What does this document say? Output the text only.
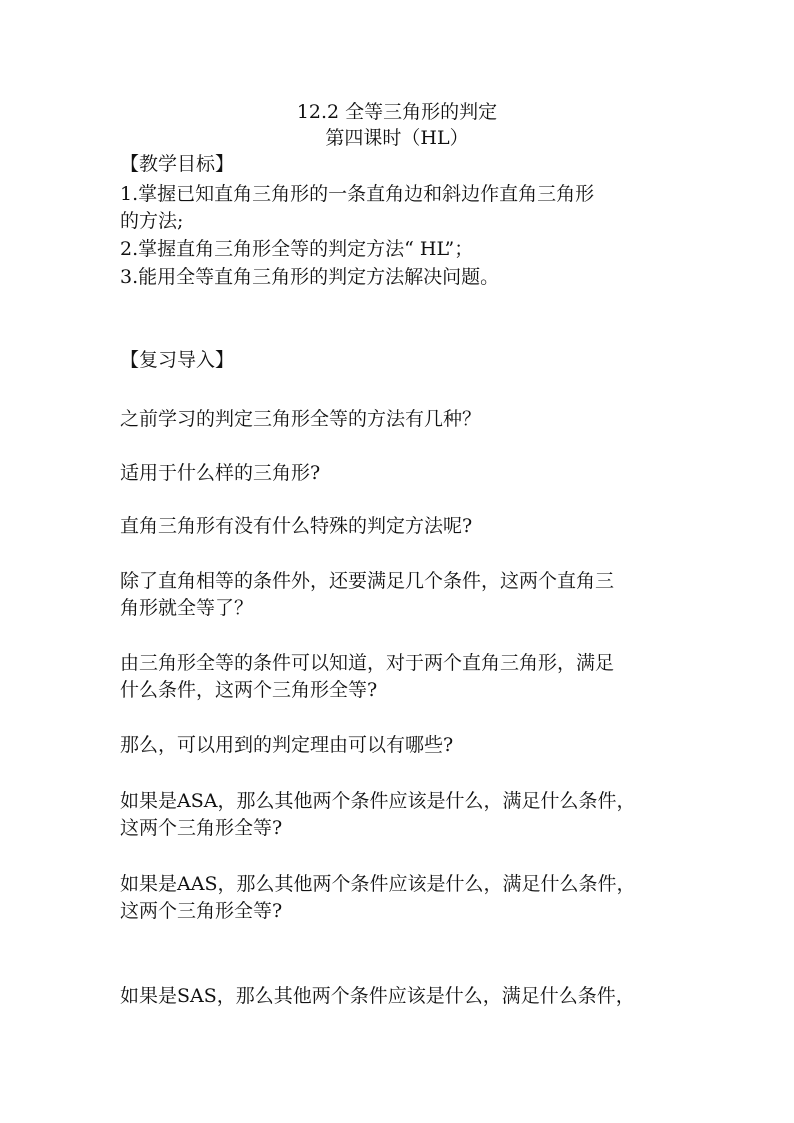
12.2 全等三角形的判定
第四课时（HL）
【教学目标】
1.掌握已知直角三角形的一条直角边和斜边作直角三角形
的方法;
2.掌握直角三角形全等的判定方法“ HL”；
3.能用全等直角三角形的判定方法解决问题。
【复习导入】
之前学习的判定三角形全等的方法有几种？
适用于什么样的三角形?
直角三角形有没有什么特殊的判定方法呢?
除了直角相等的条件外，还要满足几个条件，这两个直角三
角形就全等了？
由三角形全等的条件可以知道，对于两个直角三角形，满足
什么条件，这两个三角形全等?
那么，可以用到的判定理由可以有哪些?
如果是ASA，那么其他两个条件应该是什么，满足什么条件，
这两个三角形全等?
如果是AAS，那么其他两个条件应该是什么，满足什么条件，
这两个三角形全等?
如果是SAS，那么其他两个条件应该是什么，满足什么条件，
